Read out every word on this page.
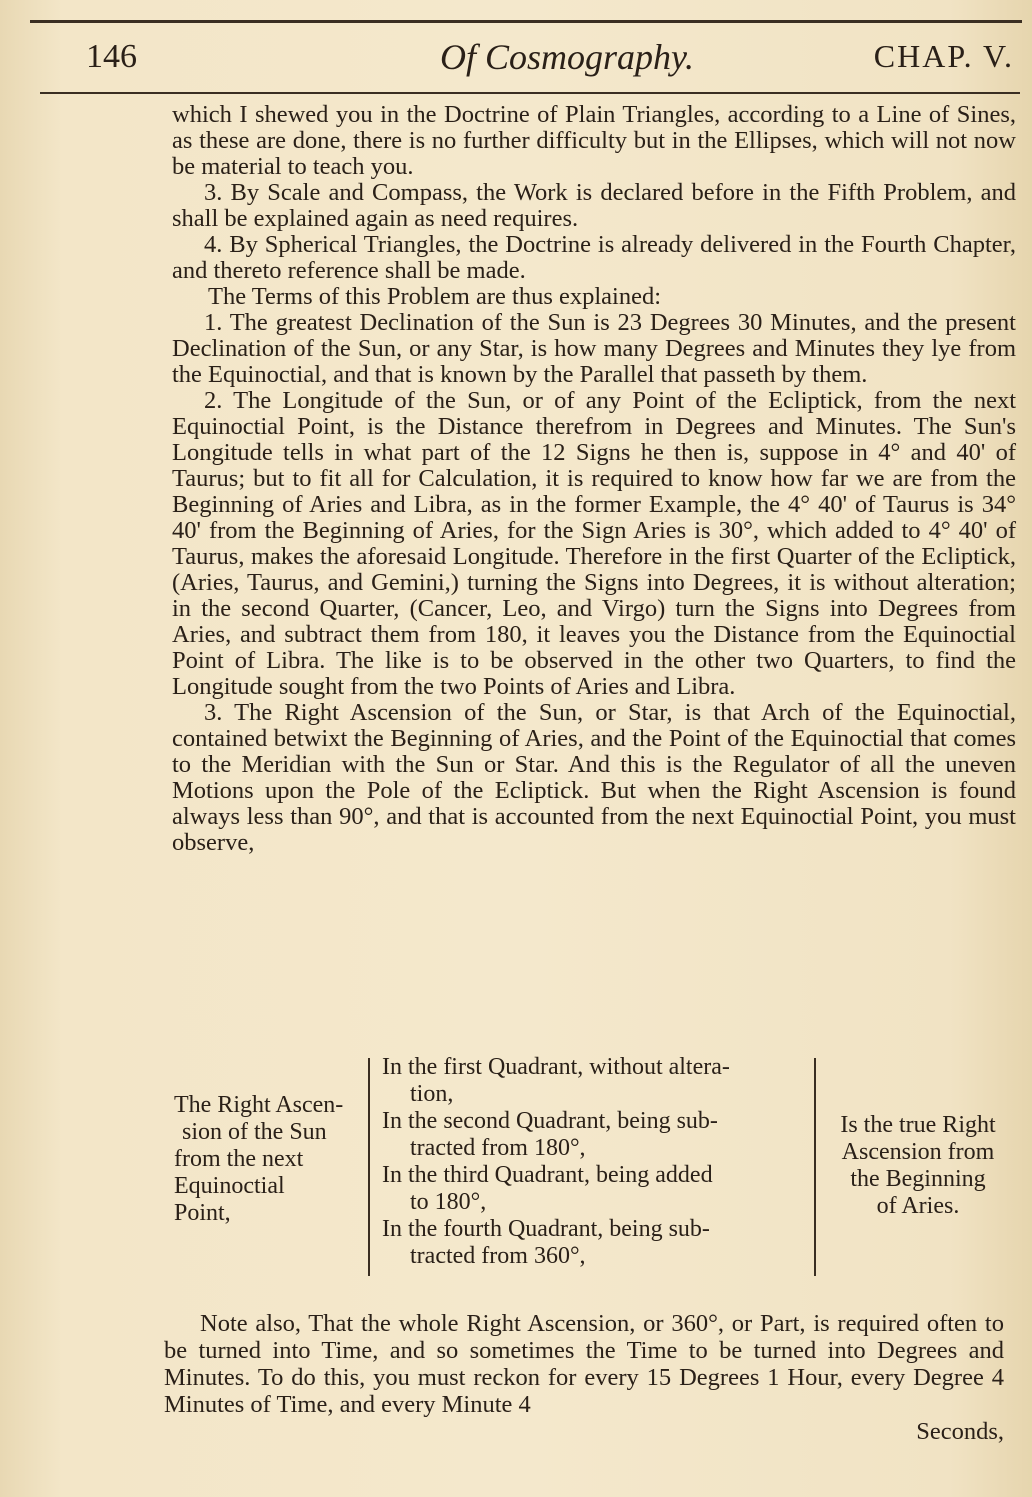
146	Of Cosmography.	CHAP. V.

which I shewed you in the Doctrine of Plain Triangles, according to a Line of Sines, as these are done, there is no further difficulty but in the Ellipses, which will not now be material to teach you.

3. By Scale and Compass, the Work is declared before in the Fifth Problem, and shall be explained again as need requires.

4. By Spherical Triangles, the Doctrine is already delivered in the Fourth Chapter, and thereto reference shall be made.

The Terms of this Problem are thus explained:

1. The greatest Declination of the Sun is 23 Degrees 30 Minutes, and the present Declination of the Sun, or any Star, is how many Degrees and Minutes they lye from the Equinoctial, and that is known by the Parallel that passeth by them.

2. The Longitude of the Sun, or of any Point of the Ecliptick, from the next Equinoctial Point, is the Distance therefrom in Degrees and Minutes. The Sun's Longitude tells in what part of the 12 Signs he then is, suppose in 4° and 40' of Taurus; but to fit all for Calculation, it is required to know how far we are from the Beginning of Aries and Libra, as in the former Example, the 4° 40' of Taurus is 34° 40' from the Beginning of Aries, for the Sign Aries is 30°, which added to 4° 40' of Taurus, makes the aforesaid Longitude. Therefore in the first Quarter of the Ecliptick, (Aries, Taurus, and Gemini,) turning the Signs into Degrees, it is without alteration; in the second Quarter, (Cancer, Leo, and Virgo) turn the Signs into Degrees from Aries, and subtract them from 180, it leaves you the Distance from the Equinoctial Point of Libra. The like is to be observed in the other two Quarters, to find the Longitude sought from the two Points of Aries and Libra.

3. The Right Ascension of the Sun, or Star, is that Arch of the Equinoctial, contained betwixt the Beginning of Aries, and the Point of the Equinoctial that comes to the Meridian with the Sun or Star. And this is the Regulator of all the uneven Motions upon the Pole of the Ecliptick. But when the Right Ascension is found always less than 90°, and that is accounted from the next Equinoctial Point, you must observe,

The Right Ascen-
sion of the Sun
from the next
Equinoctial
Point,
In the first Quadrant, without altera-
tion,
In the second Quadrant, being sub-
tracted from 180°,
In the third Quadrant, being added
to 180°,
In the fourth Quadrant, being sub-
tracted from 360°,
Is the true Right
Ascension from
the Beginning
of Aries.
Note also, That the whole Right Ascension, or 360°, or Part, is required often to be turned into Time, and so sometimes the Time to be turned into Degrees and Minutes. To do this, you must reckon for every 15 Degrees 1 Hour, every Degree 4 Minutes of Time, and every Minute 4
Seconds,
